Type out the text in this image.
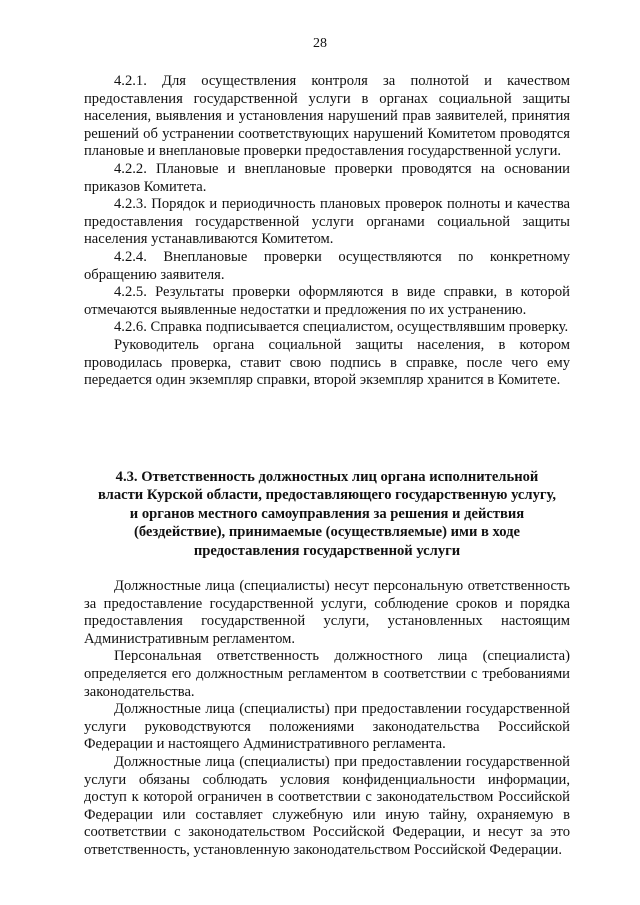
28

4.2.1. Для осуществления контроля за полнотой и качеством предоставления государственной услуги в органах социальной защиты населения, выявления и установления нарушений прав заявителей, принятия решений об устранении соответствующих нарушений Комитетом проводятся плановые и внеплановые проверки предоставления государственной услуги.

4.2.2. Плановые и внеплановые проверки проводятся на основании приказов Комитета.

4.2.3. Порядок и периодичность плановых проверок полноты и качества предоставления государственной услуги органами социальной защиты населения устанавливаются Комитетом.

4.2.4. Внеплановые проверки осуществляются по конкретному обращению заявителя.

4.2.5. Результаты проверки оформляются в виде справки, в которой отмечаются выявленные недостатки и предложения по их устранению.

4.2.6. Справка подписывается специалистом, осуществлявшим проверку.

Руководитель органа социальной защиты населения, в котором проводилась проверка, ставит свою подпись в справке, после чего ему передается один экземпляр справки, второй экземпляр хранится в Комитете.

4.3. Ответственность должностных лиц органа исполнительной власти Курской области, предоставляющего государственную услугу, и органов местного самоуправления за решения и действия (бездействие), принимаемые (осуществляемые) ими в ходе предоставления государственной услуги

Должностные лица (специалисты) несут персональную ответственность за предоставление государственной услуги, соблюдение сроков и порядка предоставления государственной услуги, установленных настоящим Административным регламентом.

Персональная ответственность должностного лица (специалиста) определяется его должностным регламентом в соответствии с требованиями законодательства.

Должностные лица (специалисты) при предоставлении государственной услуги руководствуются положениями законодательства Российской Федерации и настоящего Административного регламента.

Должностные лица (специалисты) при предоставлении государственной услуги обязаны соблюдать условия конфиденциальности информации, доступ к которой ограничен в соответствии с законодательством Российской Федерации или составляет служебную или иную тайну, охраняемую в соответствии с законодательством Российской Федерации, и несут за это ответственность, установленную законодательством Российской Федерации.
